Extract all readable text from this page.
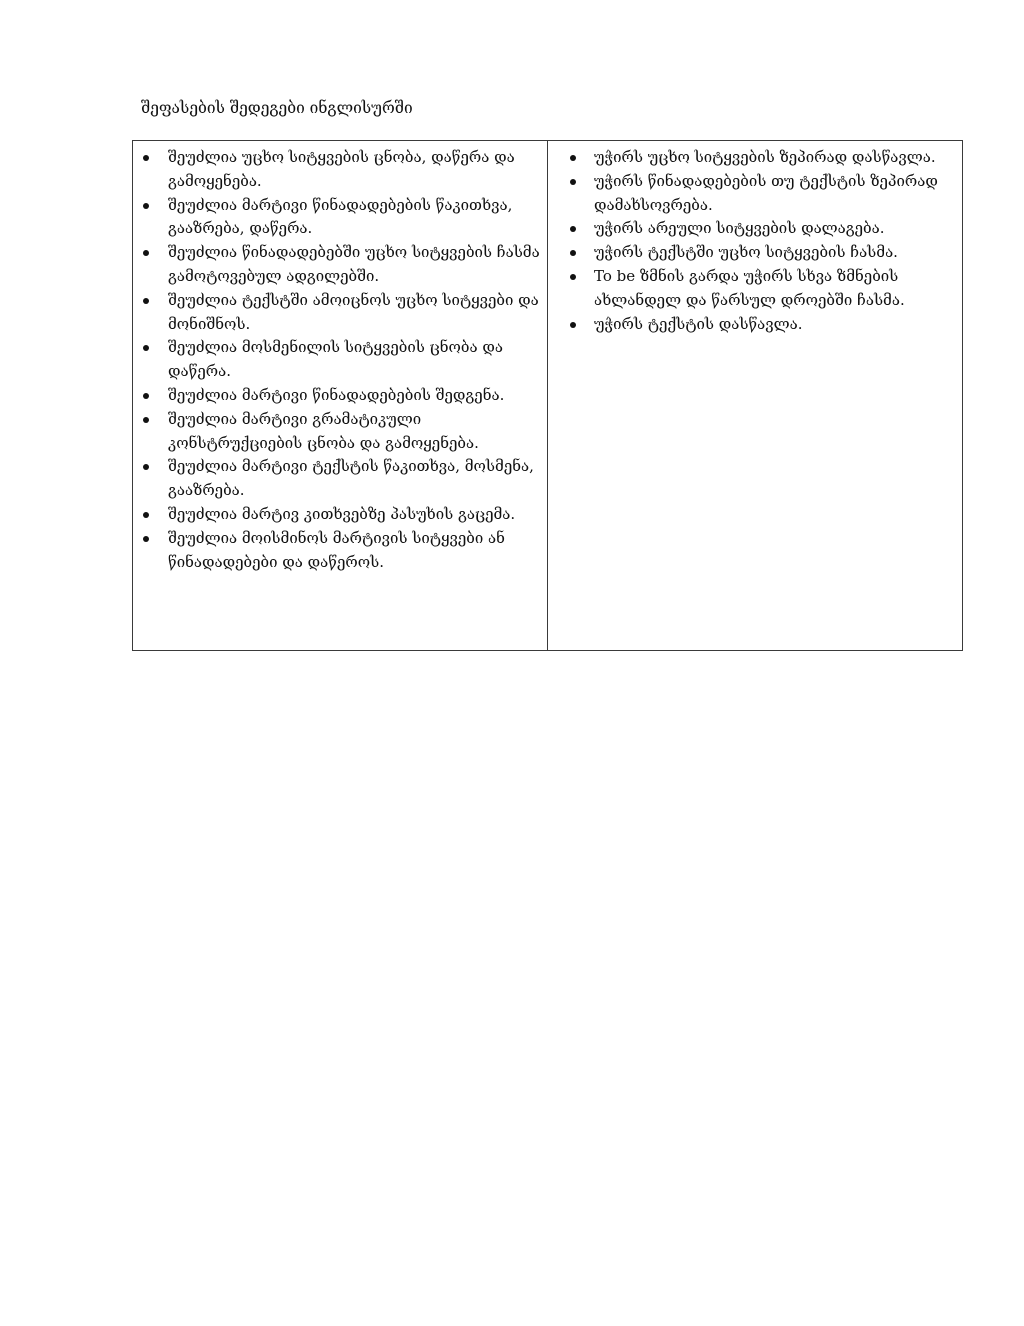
შეფასების შედეგები ინგლისურში
შეუძლია უცხო სიტყვების ცნობა, დაწერა და გამოყენება.
შეუძლია მარტივი წინადადებების წაკითხვა, გააზრება, დაწერა.
შეუძლია წინადადებებში უცხო სიტყვების ჩასმა გამოტოვებულ ადგილებში.
შეუძლია ტექსტში ამოიცნოს უცხო სიტყვები და მონიშნოს.
შეუძლია მოსმენილის სიტყვების ცნობა და დაწერა.
შეუძლია მარტივი წინადადებების შედგენა.
შეუძლია მარტივი გრამატიკული კონსტრუქციების ცნობა და გამოყენება.
შეუძლია მარტივი ტექსტის წაკითხვა, მოსმენა, გააზრება.
შეუძლია მარტივ კითხვებზე პასუხის გაცემა.
შეუძლია მოისმინოს მარტივის სიტყვები ან წინადადებები და დაწეროს.
უჭირს უცხო სიტყვების ზეპირად დასწავლა.
უჭირს წინადადებების თუ ტექსტის ზეპირად დამახსოვრება.
უჭირს არეული სიტყვების დალაგება.
უჭირს ტექსტში უცხო სიტყვების ჩასმა.
To be ზმნის გარდა უჭირს სხვა ზმნების ახლანდელ და წარსულ დროებში ჩასმა.
უჭირს ტექსტის დასწავლა.
